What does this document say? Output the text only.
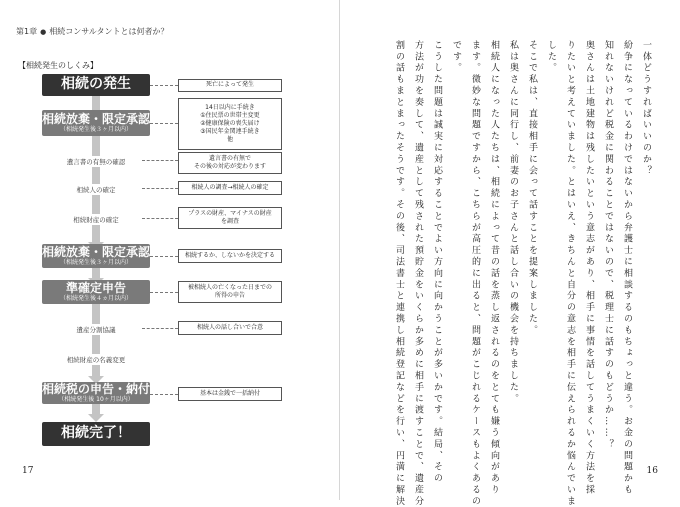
第1章 ● 相続コンサルタントとは何者か？
【相続発生のしくみ】
相続の発生
相続放棄・限定承認
（相続発生後３ヶ月以内）
相続放棄・限定承認
（相続発生後３ヶ月以内）
準確定申告
（相続発生後４ヵ月以内）
相続税の申告・納付
（相続発生後 10ヶ月以内）
相続完了！
遺言書の有無の確認
相続人の確定
相続財産の確定
遺産分割協議
相続財産の名義変更
死亡によって発生
14日以内に手続き
①住民票の世帯主変更
②健康保険の喪失届け
③国民年金関連手続き
他
遺言書の有無で
その後の対応が変わります
相続人の調査→相続人の確定
プラスの財産、マイナスの財産
を調査
相続するか、しないかを決定する
被相続人の亡くなった日までの
所得の申告
相続人の話し合いで合意
基本は金銭で一括納付
17
一体どうすればいいのか？
紛争になっているわけではないから弁護士に相談するのもちょっと違う。お金の問題かも
知れないけれど税金に関わることではないので、税理士に話すのもどうか……？
奥さんは土地建物は残したいという意志があり、相手に事情を話してうまくいく方法を採
りたいと考えていました。とはいえ、きちんと自分の意志を相手に伝えられるか悩んでいま
した。
そこで私は、直接相手に会って話すことを提案しました。
私は奥さんに同行し、前妻のお子さんと話し合いの機会を持ちました。
相続人になった人たちは、相続によって昔の話を蒸し返されるのをとても嫌う傾向があり
ます。微妙な問題ですから、こちらが高圧的に出ると、問題がこじれるケースもよくあるの
です。
こうした問題は誠実に対応することでよい方向に向かうことが多いかです。結局、その
方法が功を奏して、遺産として残された預貯金をいくらか多めに相手に渡すことで、遺産分
割の話もまとまったそうです。その後、司法書士と連携し相続登記などを行い、円満に解決	16
